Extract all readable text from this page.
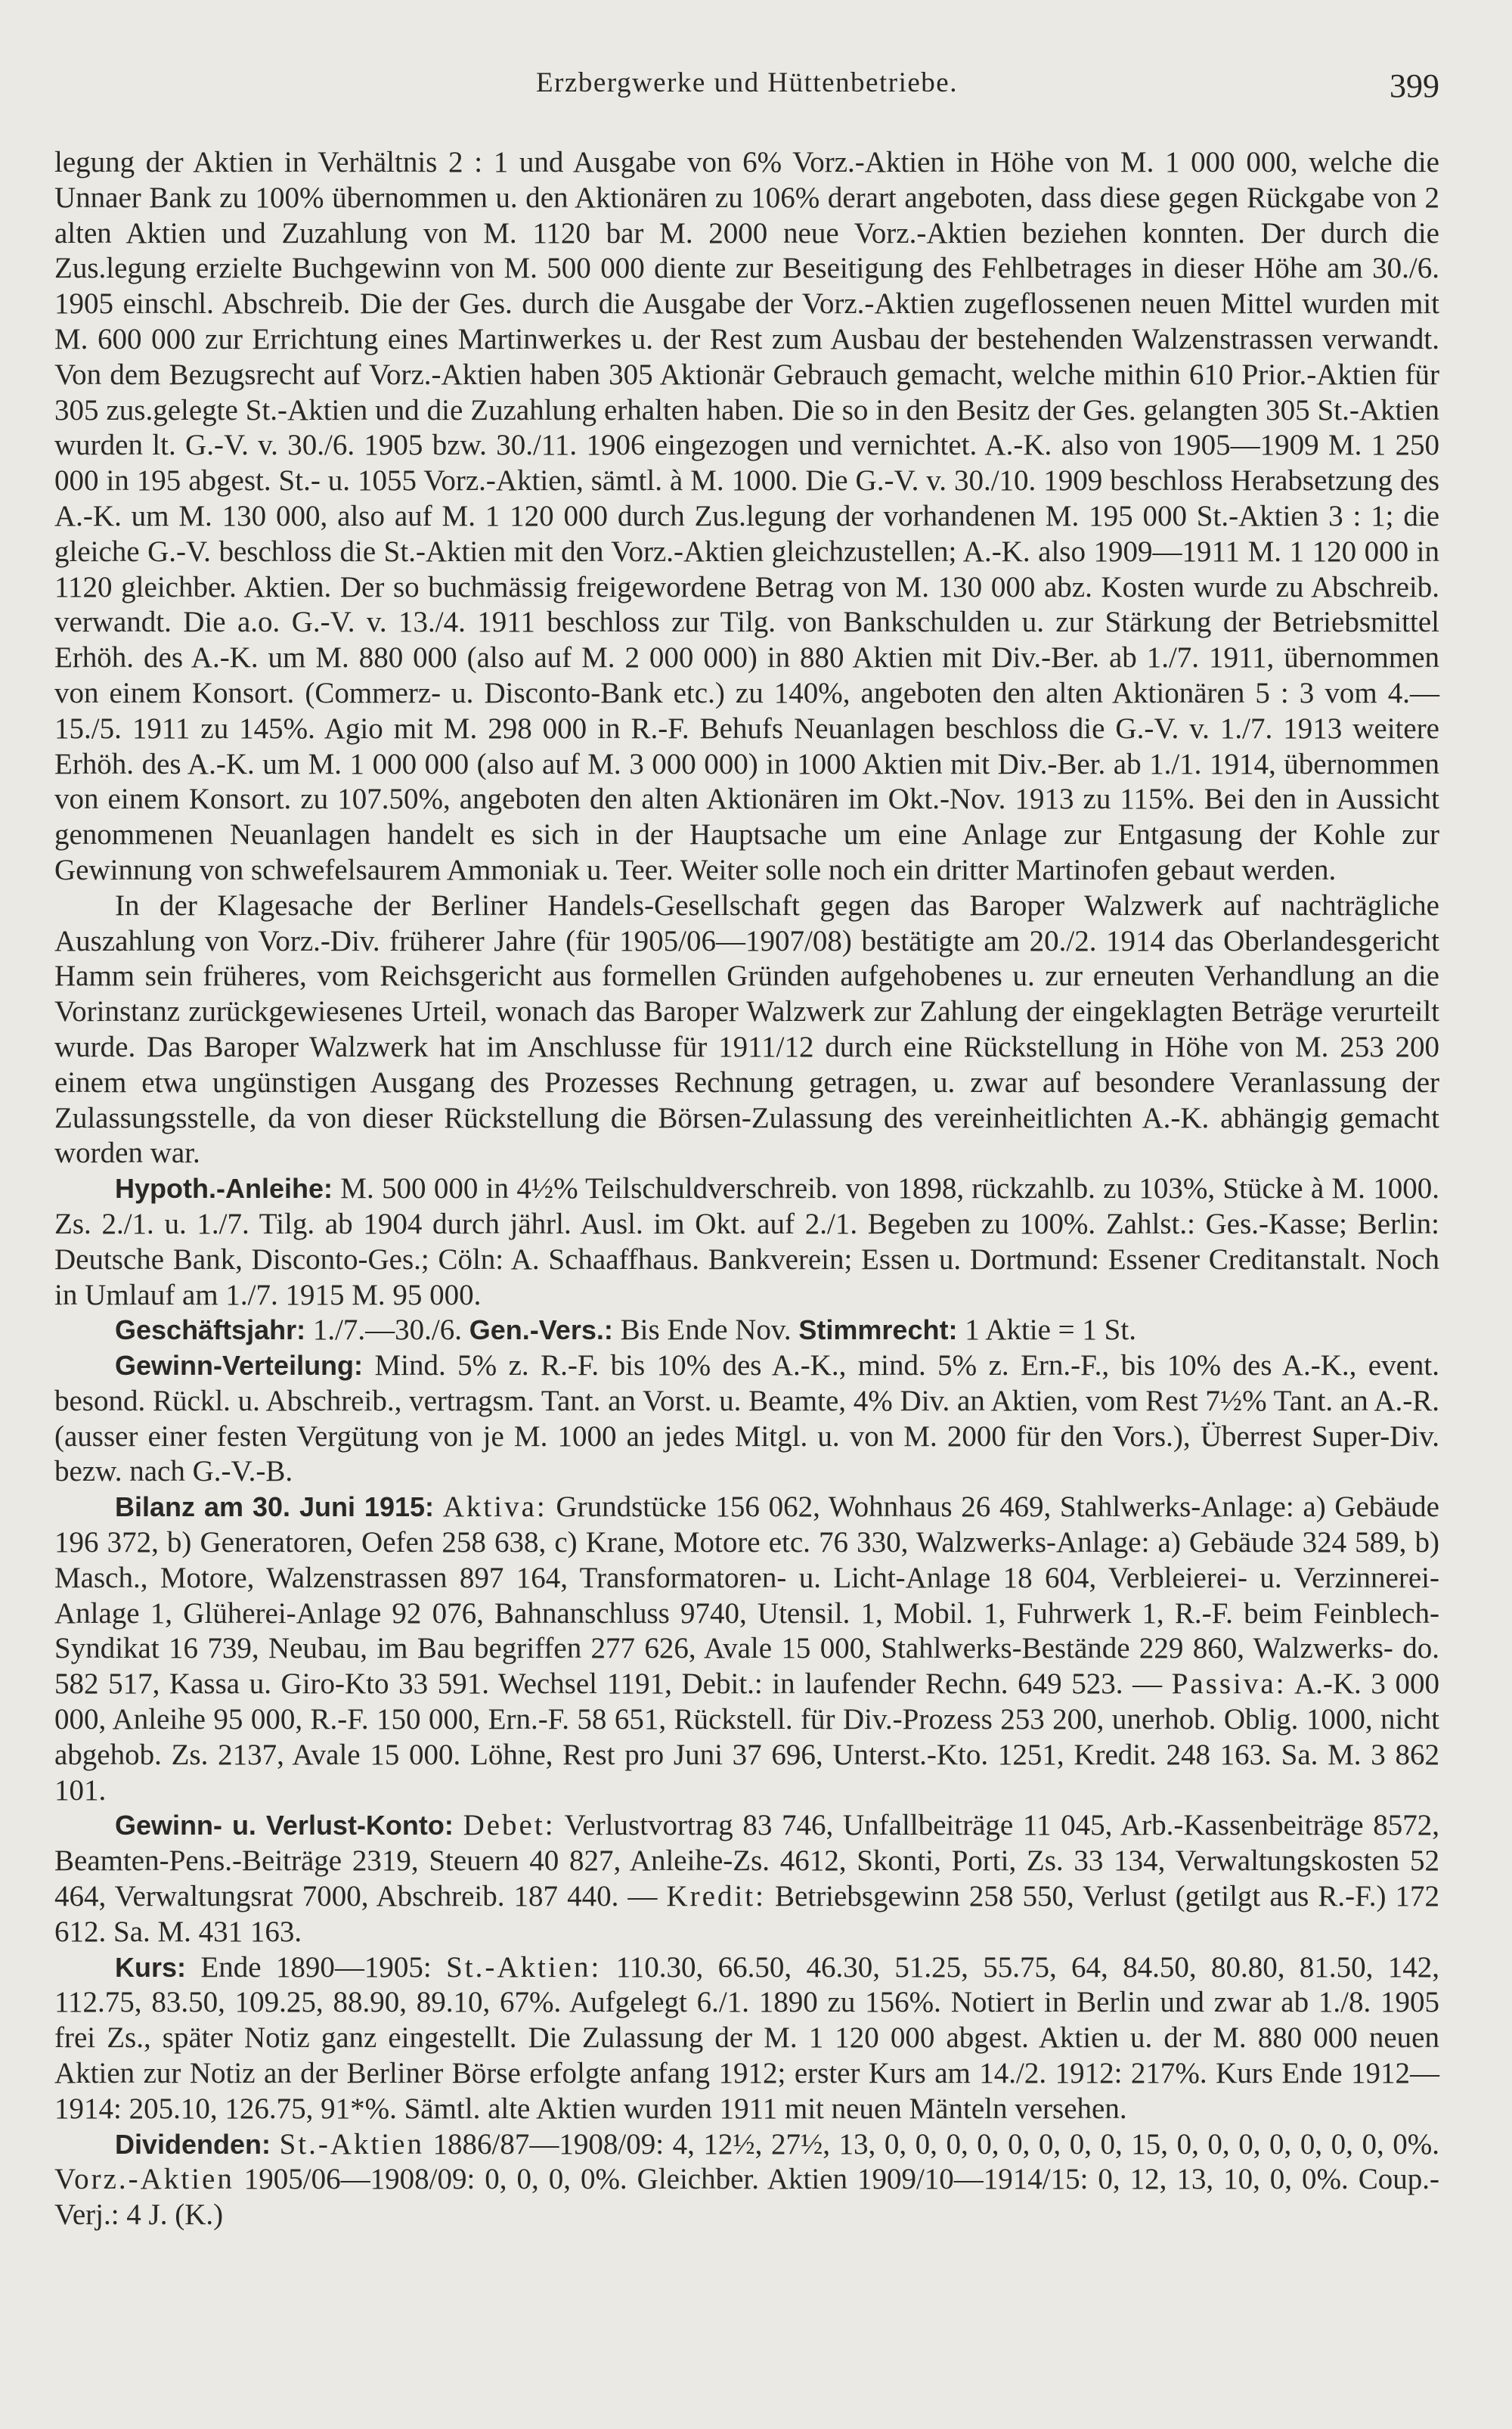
Erzbergwerke und Hüttenbetriebe.	399

legung der Aktien in Verhältnis 2 : 1 und Ausgabe von 6% Vorz.-Aktien in Höhe von M. 1 000 000, welche die Unnaer Bank zu 100% übernommen u. den Aktionären zu 106% derart angeboten, dass diese gegen Rückgabe von 2 alten Aktien und Zuzahlung von M. 1120 bar M. 2000 neue Vorz.-Aktien beziehen konnten. Der durch die Zus.legung erzielte Buchgewinn von M. 500 000 diente zur Beseitigung des Fehlbetrages in dieser Höhe am 30./6. 1905 einschl. Abschreib. Die der Ges. durch die Ausgabe der Vorz.-Aktien zugeflossenen neuen Mittel wurden mit M. 600 000 zur Errichtung eines Martinwerkes u. der Rest zum Ausbau der bestehenden Walzenstrassen verwandt. Von dem Bezugsrecht auf Vorz.-Aktien haben 305 Aktionär Gebrauch gemacht, welche mithin 610 Prior.-Aktien für 305 zus.gelegte St.-Aktien und die Zuzahlung erhalten haben. Die so in den Besitz der Ges. gelangten 305 St.-Aktien wurden lt. G.-V. v. 30./6. 1905 bzw. 30./11. 1906 eingezogen und vernichtet. A.-K. also von 1905—1909 M. 1 250 000 in 195 abgest. St.- u. 1055 Vorz.-Aktien, sämtl. à M. 1000. Die G.-V. v. 30./10. 1909 beschloss Herabsetzung des A.-K. um M. 130 000, also auf M. 1 120 000 durch Zus.legung der vorhandenen M. 195 000 St.-Aktien 3 : 1; die gleiche G.-V. beschloss die St.-Aktien mit den Vorz.-Aktien gleichzustellen; A.-K. also 1909—1911 M. 1 120 000 in 1120 gleichber. Aktien. Der so buchmässig freigewordene Betrag von M. 130 000 abz. Kosten wurde zu Abschreib. verwandt. Die a.o. G.-V. v. 13./4. 1911 beschloss zur Tilg. von Bankschulden u. zur Stärkung der Betriebsmittel Erhöh. des A.-K. um M. 880 000 (also auf M. 2 000 000) in 880 Aktien mit Div.-Ber. ab 1./7. 1911, übernommen von einem Konsort. (Commerz- u. Disconto-Bank etc.) zu 140%, angeboten den alten Aktionären 5 : 3 vom 4.—15./5. 1911 zu 145%. Agio mit M. 298 000 in R.-F. Behufs Neuanlagen beschloss die G.-V. v. 1./7. 1913 weitere Erhöh. des A.-K. um M. 1 000 000 (also auf M. 3 000 000) in 1000 Aktien mit Div.-Ber. ab 1./1. 1914, übernommen von einem Konsort. zu 107.50%, angeboten den alten Aktionären im Okt.-Nov. 1913 zu 115%. Bei den in Aussicht genommenen Neuanlagen handelt es sich in der Hauptsache um eine Anlage zur Entgasung der Kohle zur Gewinnung von schwefelsaurem Ammoniak u. Teer. Weiter solle noch ein dritter Martinofen gebaut werden.

In der Klagesache der Berliner Handels-Gesellschaft gegen das Baroper Walzwerk auf nachträgliche Auszahlung von Vorz.-Div. früherer Jahre (für 1905/06—1907/08) bestätigte am 20./2. 1914 das Oberlandesgericht Hamm sein früheres, vom Reichsgericht aus formellen Gründen aufgehobenes u. zur erneuten Verhandlung an die Vorinstanz zurückgewiesenes Urteil, wonach das Baroper Walzwerk zur Zahlung der eingeklagten Beträge verurteilt wurde. Das Baroper Walzwerk hat im Anschlusse für 1911/12 durch eine Rückstellung in Höhe von M. 253 200 einem etwa ungünstigen Ausgang des Prozesses Rechnung getragen, u. zwar auf besondere Veranlassung der Zulassungsstelle, da von dieser Rückstellung die Börsen-Zulassung des vereinheitlichten A.-K. abhängig gemacht worden war.

Hypoth.-Anleihe: M. 500 000 in 4½% Teilschuldverschreib. von 1898, rückzahlb. zu 103%, Stücke à M. 1000. Zs. 2./1. u. 1./7. Tilg. ab 1904 durch jährl. Ausl. im Okt. auf 2./1. Begeben zu 100%. Zahlst.: Ges.-Kasse; Berlin: Deutsche Bank, Disconto-Ges.; Cöln: A. Schaaffhaus. Bankverein; Essen u. Dortmund: Essener Creditanstalt. Noch in Umlauf am 1./7. 1915 M. 95 000.

Geschäftsjahr: 1./7.—30./6. Gen.-Vers.: Bis Ende Nov. Stimmrecht: 1 Aktie = 1 St.

Gewinn-Verteilung: Mind. 5% z. R.-F. bis 10% des A.-K., mind. 5% z. Ern.-F., bis 10% des A.-K., event. besond. Rückl. u. Abschreib., vertragsm. Tant. an Vorst. u. Beamte, 4% Div. an Aktien, vom Rest 7½% Tant. an A.-R. (ausser einer festen Vergütung von je M. 1000 an jedes Mitgl. u. von M. 2000 für den Vors.), Überrest Super-Div. bezw. nach G.-V.-B.

Bilanz am 30. Juni 1915: Aktiva: Grundstücke 156 062, Wohnhaus 26 469, Stahlwerks-Anlage: a) Gebäude 196 372, b) Generatoren, Oefen 258 638, c) Krane, Motore etc. 76 330, Walzwerks-Anlage: a) Gebäude 324 589, b) Masch., Motore, Walzenstrassen 897 164, Transformatoren- u. Licht-Anlage 18 604, Verbleierei- u. Verzinnerei-Anlage 1, Glüherei-Anlage 92 076, Bahnanschluss 9740, Utensil. 1, Mobil. 1, Fuhrwerk 1, R.-F. beim Feinblech-Syndikat 16 739, Neubau, im Bau begriffen 277 626, Avale 15 000, Stahlwerks-Bestände 229 860, Walzwerks- do. 582 517, Kassa u. Giro-Kto 33 591. Wechsel 1191, Debit.: in laufender Rechn. 649 523. — Passiva: A.-K. 3 000 000, Anleihe 95 000, R.-F. 150 000, Ern.-F. 58 651, Rückstell. für Div.-Prozess 253 200, unerhob. Oblig. 1000, nicht abgehob. Zs. 2137, Avale 15 000. Löhne, Rest pro Juni 37 696, Unterst.-Kto. 1251, Kredit. 248 163. Sa. M. 3 862 101.

Gewinn- u. Verlust-Konto: Debet: Verlustvortrag 83 746, Unfallbeiträge 11 045, Arb.-Kassenbeiträge 8572, Beamten-Pens.-Beiträge 2319, Steuern 40 827, Anleihe-Zs. 4612, Skonti, Porti, Zs. 33 134, Verwaltungskosten 52 464, Verwaltungsrat 7000, Abschreib. 187 440. — Kredit: Betriebsgewinn 258 550, Verlust (getilgt aus R.-F.) 172 612. Sa. M. 431 163.

Kurs: Ende 1890—1905: St.-Aktien: 110.30, 66.50, 46.30, 51.25, 55.75, 64, 84.50, 80.80, 81.50, 142, 112.75, 83.50, 109.25, 88.90, 89.10, 67%. Aufgelegt 6./1. 1890 zu 156%. Notiert in Berlin und zwar ab 1./8. 1905 frei Zs., später Notiz ganz eingestellt. Die Zulassung der M. 1 120 000 abgest. Aktien u. der M. 880 000 neuen Aktien zur Notiz an der Berliner Börse erfolgte anfang 1912; erster Kurs am 14./2. 1912: 217%. Kurs Ende 1912—1914: 205.10, 126.75, 91*%. Sämtl. alte Aktien wurden 1911 mit neuen Mänteln versehen.

Dividenden: St.-Aktien 1886/87—1908/09: 4, 12½, 27½, 13, 0, 0, 0, 0, 0, 0, 0, 0, 15, 0, 0, 0, 0, 0, 0, 0, 0%. Vorz.-Aktien 1905/06—1908/09: 0, 0, 0, 0%. Gleichber. Aktien 1909/10—1914/15: 0, 12, 13, 10, 0, 0%. Coup.-Verj.: 4 J. (K.)
